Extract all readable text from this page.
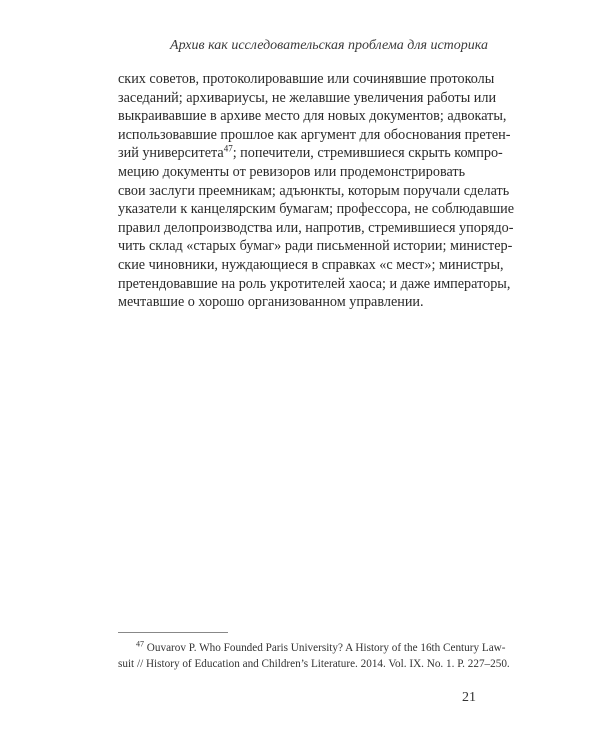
Архив как исследовательская проблема для историка

ских советов, протоколировавшие или сочинявшие протоколы
заседаний; архивариусы, не желавшие увеличения работы или
выкраивавшие в архиве место для новых документов; адвокаты,
использовавшие прошлое как аргумент для обоснования претен-
зий университета$^{47}$; попечители, стремившиеся скрыть компро-
мецию документы от ревизоров или продемонстрировать
свои заслуги преемникам; адъюнкты, которым поручали сделать
указатели к канцелярским бумагам; профессора, не соблюдавшие
правил делопроизводства или, напротив, стремившиеся упорядо-
чить склад «старых бумаг» ради письменной истории; министер-
ские чиновники, нуждающиеся в справках «с мест»; министры,
претендовавшие на роль укротителей хаоса; и даже императоры,
мечтавшие о хорошо организованном управлении.

$^{47}$ Ouvarov P. Who Founded Paris University? A History of the 16th Century Law-
suit // History of Education and Children’s Literature. 2014. Vol. IX. No. 1. P. 227–250.
21
